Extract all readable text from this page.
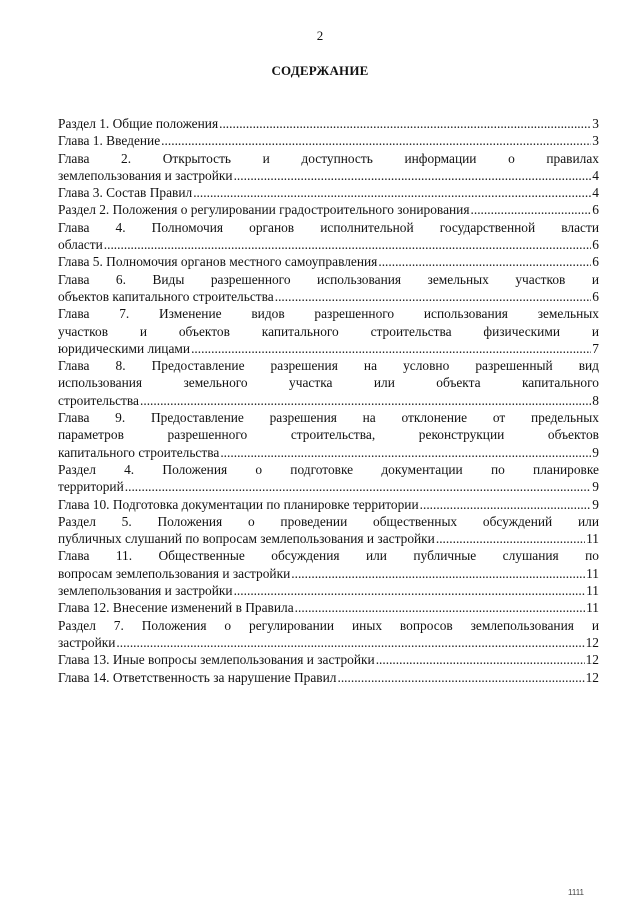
2
СОДЕРЖАНИЕ
Раздел 1. Общие положения .....	3
Глава 1. Введение .....	3
Глава 2. Открытость и доступность информации о правилах
землепользования и застройки .....	4
Глава 3. Состав Правил .....	4
Раздел 2. Положения о регулировании градостроительного зонирования .....	6
Глава 4. Полномочия органов исполнительной государственной власти
области .....	6
Глава 5. Полномочия органов местного самоуправления .....	6
Глава 6. Виды разрешенного использования земельных участков и
объектов капитального строительства .....	6
Глава 7. Изменение видов разрешенного использования земельных
участков и объектов капитального строительства физическими и
юридическими лицами .....	7
Глава 8. Предоставление разрешения на условно разрешенный вид
использования земельного участка или объекта капитального
строительства .....	8
Глава 9. Предоставление разрешения на отклонение от предельных
параметров разрешенного строительства, реконструкции объектов
капитального строительства .....	9
Раздел 4. Положения о подготовке документации по планировке
территорий .....	9
Глава 10. Подготовка документации по планировке территории .....	9
Раздел 5. Положения о проведении общественных обсуждений или
публичных слушаний по вопросам землепользования и застройки .....	11
Глава 11. Общественные обсуждения или публичные слушания по
вопросам землепользования и застройки .....	11
землепользования и застройки .....	11
Глава 12. Внесение изменений в Правила .....	11
Раздел 7. Положения о регулировании иных вопросов землепользования и
застройки .....	12
Глава 13. Иные вопросы землепользования и застройки .....	12
Глава 14. Ответственность за нарушение Правил .....	12
1111
